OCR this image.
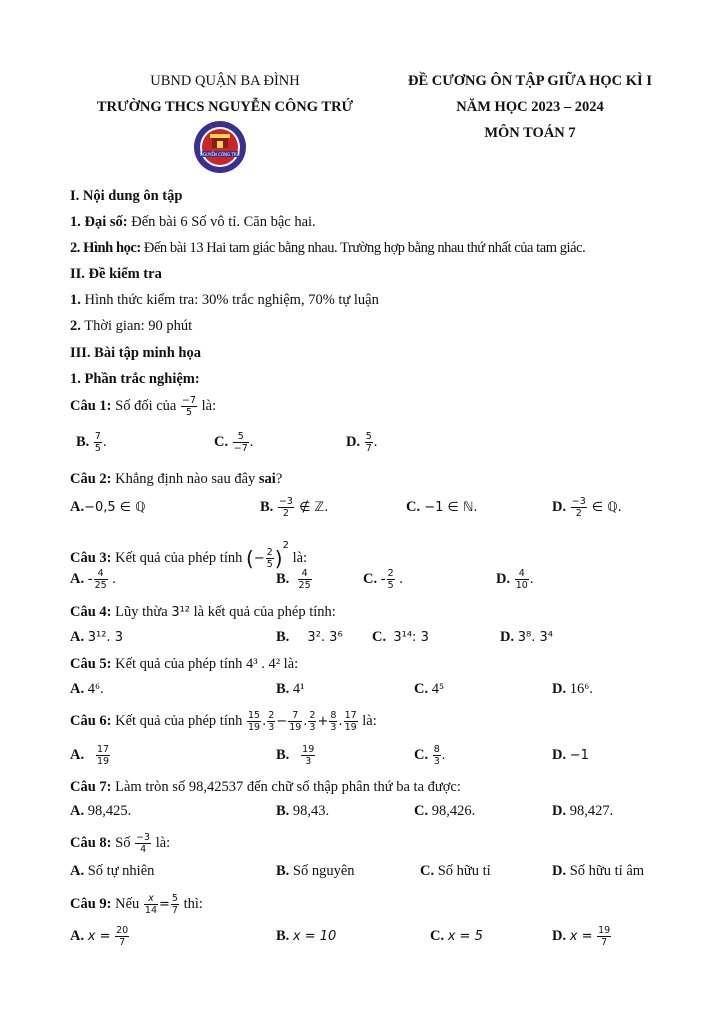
UBND QUẬN BA ĐÌNH
TRƯỜNG THCS NGUYỄN CÔNG TRỨ
ĐỀ CƯƠNG ÔN TẬP GIỮA HỌC KÌ I
NĂM HỌC 2023 – 2024
MÔN TOÁN 7
NGUYỄN CÔNG TRỨ
I. Nội dung ôn tập
1. Đại số: Đến bài 6 Số vô tỉ. Căn bậc hai.
2. Hình học: Đến bài 13 Hai tam giác bằng nhau. Trường hợp bằng nhau thứ nhất của tam giác.
II. Đề kiểm tra
1. Hình thức kiểm tra: 30% trắc nghiệm, 70% tự luận
2. Thời gian: 90 phút
III. Bài tập minh họa
1. Phần trắc nghiệm:
Câu 1: Số đối của $\frac{-7}{5}$ là:
B. $\frac{7}{5}$ .	C. $\frac{5}{-7}$ .	D. $\frac{5}{7}$ .
Câu 2: Khẳng định nào sau đây sai?
A.−0,5 ∈ ℚ	B. $\frac{-3}{2}$ ∉ ℤ.	C. −1 ∈ ℕ.	D. $\frac{-3}{2}$ ∈ ℚ.
Câu 3: Kết quả của phép tính (− $\frac{2}{5} )^2$ là:
A. - $\frac{4}{25}$ .	B. $\frac{4}{25}$	C. - $\frac{2}{5}$ .	D. $\frac{4}{10}$ .
Câu 4: Lũy thừa 3¹² là kết quả của phép tính:
A. 3¹². 3	B. 3². 3⁶ C. 3¹⁴: 3	D. 3⁸. 3⁴
Câu 5: Kết quả của phép tính 4³ . 4² là:
A. 4⁶.	B. 4¹	C. 4⁵	D. 16⁶.
Câu 6: Kết quả của phép tính $\frac{15}{19}$ . $\frac{2}{3} - \frac{7}{19}$ . $\frac{2}{3} + \frac{8}{3}$ . $\frac{17}{19}$ là:
A. $\frac{17}{19}$	B. $\frac{19}{3}$	C. $\frac{8}{3}$ .	D. −1
Câu 7: Làm tròn số 98,42537 đến chữ số thập phân thứ ba ta được:
A. 98,425.	B. 98,43.	C. 98,426.	D. 98,427.
Câu 8: Số $\frac{-3}{4}$ là:
A. Số tự nhiên	B. Số nguyên	C. Số hữu tỉ	D. Số hữu tỉ âm
Câu 9: Nếu $\frac{x}{14} = \frac{5}{7}$ thì:
A. $x = \frac{20}{7}$	B. x = 10	C. x = 5	D. $x = \frac{19}{7}$
